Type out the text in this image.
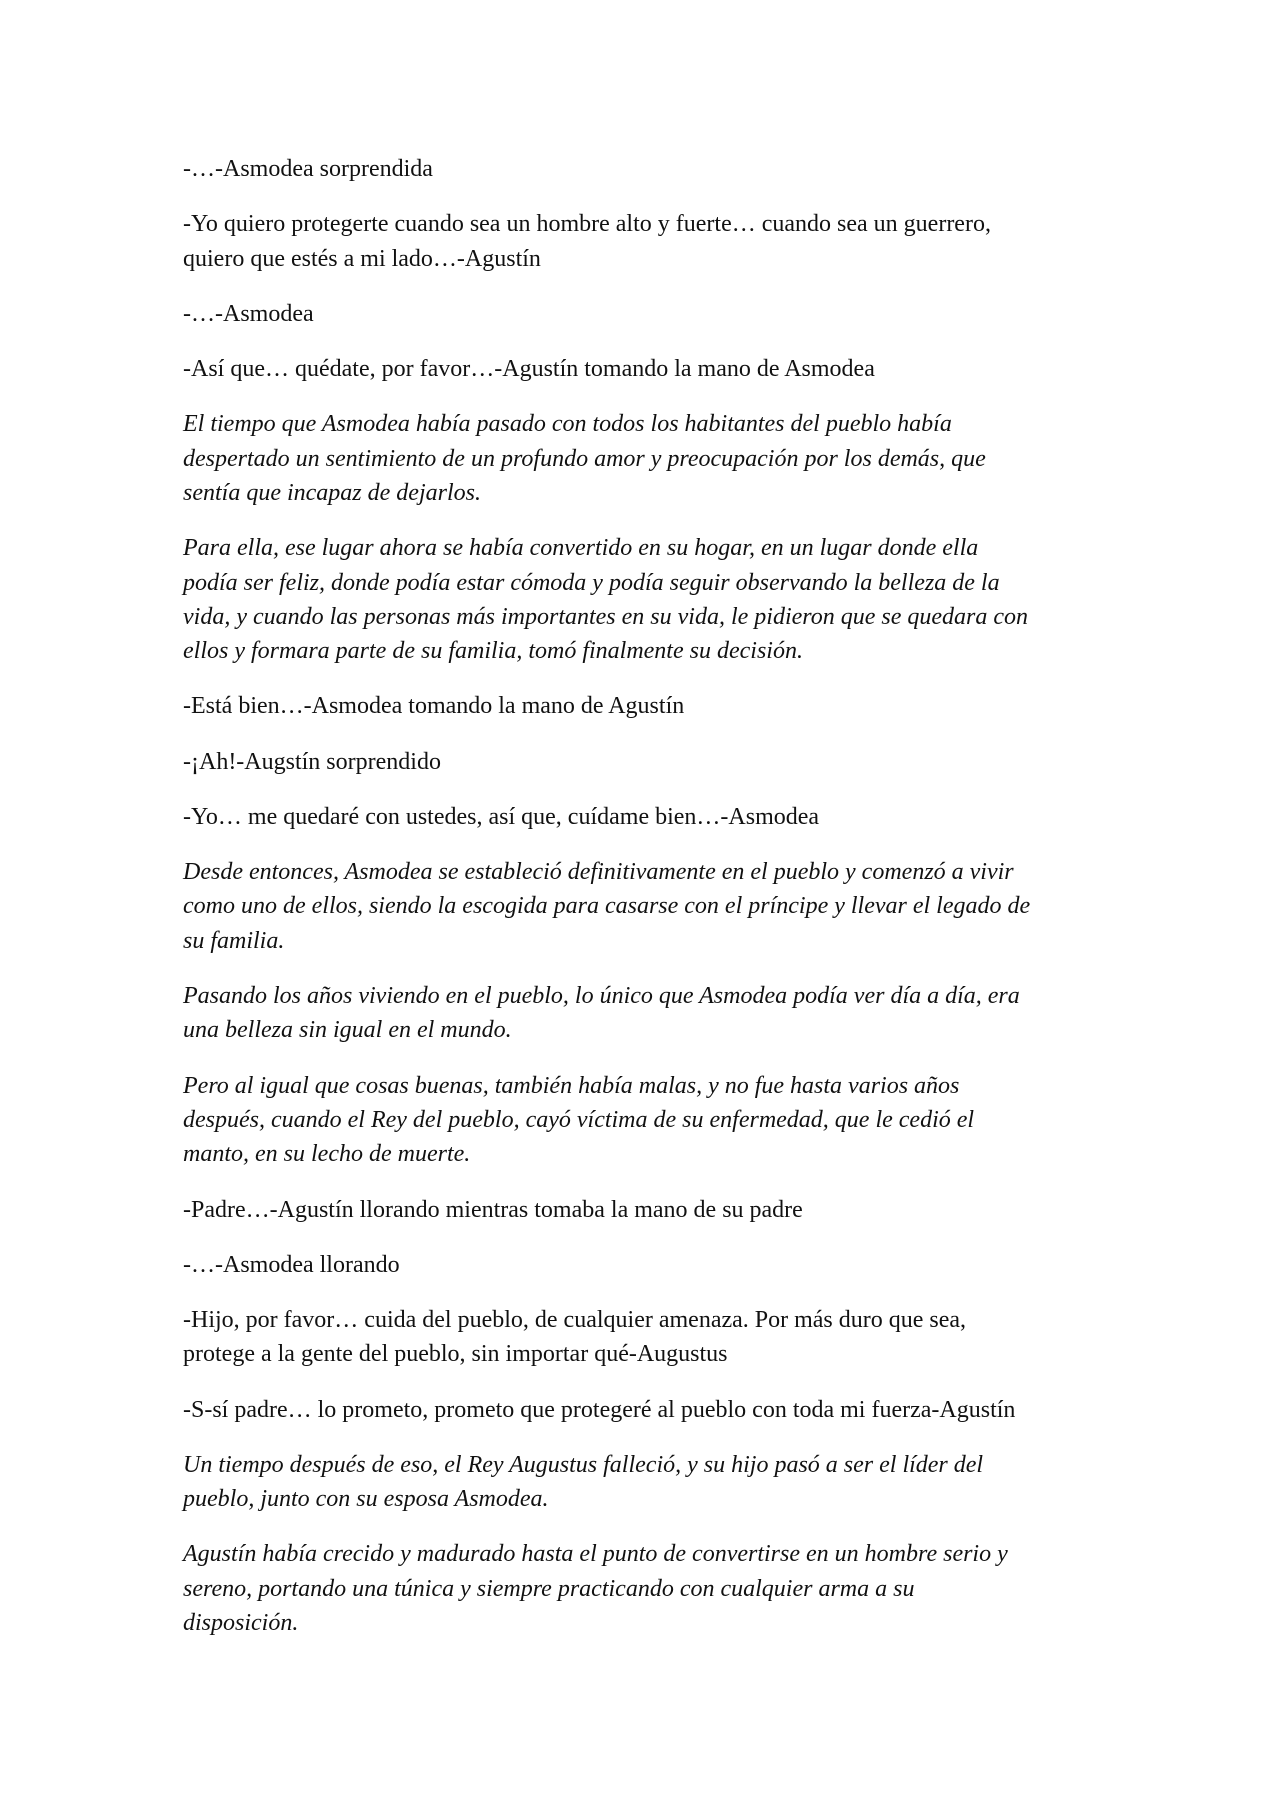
-…-Asmodea sorprendida

-Yo quiero protegerte cuando sea un hombre alto y fuerte… cuando sea un guerrero,
quiero que estés a mi lado…-Agustín

-…-Asmodea

-Así que… quédate, por favor…-Agustín tomando la mano de Asmodea

El tiempo que Asmodea había pasado con todos los habitantes del pueblo había
despertado un sentimiento de un profundo amor y preocupación por los demás, que
sentía que incapaz de dejarlos.

Para ella, ese lugar ahora se había convertido en su hogar, en un lugar donde ella
podía ser feliz, donde podía estar cómoda y podía seguir observando la belleza de la
vida, y cuando las personas más importantes en su vida, le pidieron que se quedara con
ellos y formara parte de su familia, tomó finalmente su decisión.

-Está bien…-Asmodea tomando la mano de Agustín

-¡Ah!-Augstín sorprendido

-Yo… me quedaré con ustedes, así que, cuídame bien…-Asmodea

Desde entonces, Asmodea se estableció definitivamente en el pueblo y comenzó a vivir
como uno de ellos, siendo la escogida para casarse con el príncipe y llevar el legado de
su familia.

Pasando los años viviendo en el pueblo, lo único que Asmodea podía ver día a día, era
una belleza sin igual en el mundo.

Pero al igual que cosas buenas, también había malas, y no fue hasta varios años
después, cuando el Rey del pueblo, cayó víctima de su enfermedad, que le cedió el
manto, en su lecho de muerte.

-Padre…-Agustín llorando mientras tomaba la mano de su padre

-…-Asmodea llorando

-Hijo, por favor… cuida del pueblo, de cualquier amenaza. Por más duro que sea,
protege a la gente del pueblo, sin importar qué-Augustus

-S-sí padre… lo prometo, prometo que protegeré al pueblo con toda mi fuerza-Agustín

Un tiempo después de eso, el Rey Augustus falleció, y su hijo pasó a ser el líder del
pueblo, junto con su esposa Asmodea.

Agustín había crecido y madurado hasta el punto de convertirse en un hombre serio y
sereno, portando una túnica y siempre practicando con cualquier arma a su
disposición.
